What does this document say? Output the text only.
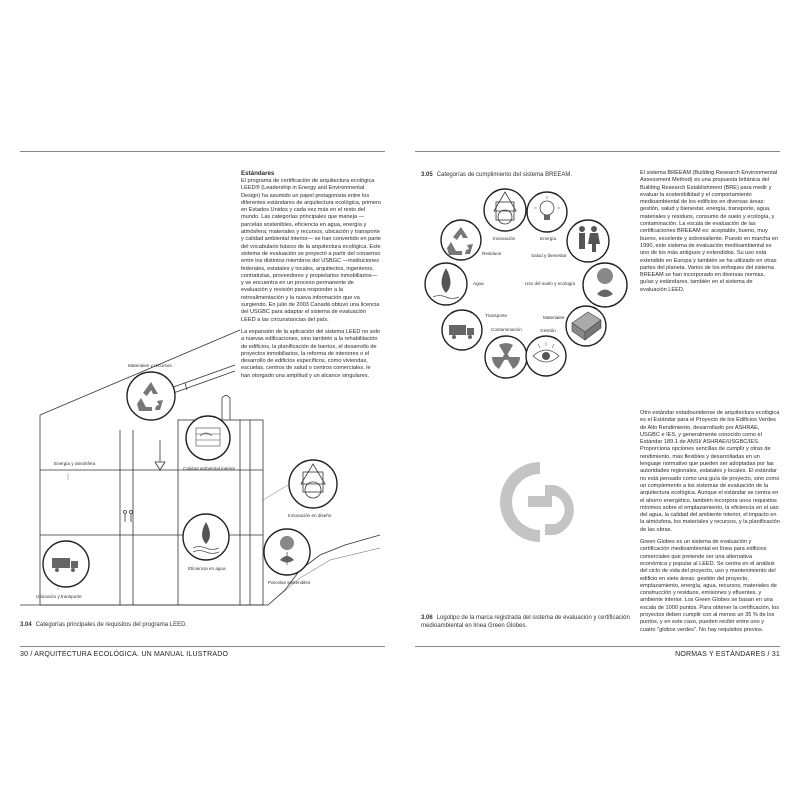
Estándares

El programa de certificación de arquitectura ecológica LEED® (Leadership in Energy and Environmental Design) ha asumido un papel protagonista entre los diferentes estándares de arquitectura ecológica, primero en Estados Unidos y cada vez más en el resto del mundo. Las categorías principales que maneja —parcelas sostenibles, eficiencia en agua, energía y atmósfera; materiales y recursos, ubicación y transporte y calidad ambiental interior— se han convertido en parte del vocabulario básico de la arquitectura ecológica. Este sistema de evaluación se proyectó a partir del consenso entre los distintos miembros del USBGC —instituciones federales, estatales y locales, arquitectos, ingenieros, contratistas, proveedores y propietarios inmobiliarios— y se encuentra en un proceso permanente de evaluación y revisión para responder a la retroalimentación y la nueva información que va surgiendo. En julio de 2003 Canadá obtuvo una licencia del USGBC para adaptar el sistema de evaluación LEED a las circunstancias del país.

La expansión de la aplicación del sistema LEED no solo a nuevas edificaciones, sino también a la rehabilitación de edificios, la planificación de barrios, el desarrollo de proyectos inmobiliarios, la reforma de interiores o el desarrollo de edificios específicos, como viviendas, escuelas, centros de salud o centros comerciales, le han otorgado una amplitud y un alcance singulares.

Materiales y recursos
Energía y atmósfera
Calidad ambiental interior
Innovación en diseño
Eficiencia en agua
Parcelas sostenibles
Ubicación y transporte
3.04 Categorías principales de requisitos del programa LEED.
3.05 Categorías de cumplimiento del sistema BREEAM.
Innovación	Energía
Residuos	Salud y bienestar
Agua	Uso del suelo y ecología
Transporte	Materiales
Contaminación	Gestión

El sistema BREEAM (Building Research Environmental Assessment Method) es una propuesta británica del Building Research Establishment (BRE) para medir y evaluar la sostenibilidad y el comportamiento medioambiental de los edificios en diversas áreas: gestión, salud y bienestar, energía, transporte, agua, materiales y residuos, consumo de suelo y ecología, y contaminación. La escala de evaluación de las certificaciones BREEAM es: aceptable, bueno, muy bueno, excelente y sobresaliente. Puesto en marcha en 1990, este sistema de evaluación medioambiental es uno de los más antiguos y extendidos. Su uso está extendido en Europa y también se ha utilizado en otras partes del planeta. Varios de los enfoques del sistema BREEAM se han incorporado en diversas normas, guías y estándares, también en el sistema de evaluación LEED.

Otro estándar estadounidense de arquitectura ecológica es el Estándar para el Proyecto de los Edificios Verdes de Alto Rendimiento, desarrollado por ASHRAE, USGBC e IES, y generalmente conocido como el Estándar 189.1 de ANSI/ ASHRAE/USGBC/IES. Proporciona opciones sencillas de cumplir y otras de rendimiento, más flexibles y desarrolladas en un lenguaje normativo que pueden ser adoptadas por las autoridades regionales, estatales y locales. El estándar no está pensado como una guía de proyecto, sino como un complemento a los sistemas de evaluación de la arquitectura ecológica. Aunque el estándar se centra en el ahorro energético, también incorpora unos requisitos mínimos sobre el emplazamiento, la eficiencia en el uso del agua, la calidad del ambiente interior, el impacto en la atmósfera, los materiales y recursos, y la planificación de las obras.

Green Globes es un sistema de evaluación y certificación medioambiental en línea para edificios comerciales que pretende ser una alternativa económica y popular al LEED. Se centra en el análisis del ciclo de vida del proyecto, uso y mantenimiento del edificio en siete áreas: gestión del proyecto, emplazamiento, energía, agua, recursos, materiales de construcción y residuos, emisiones y efluentes, y ambiente interior. Los Green Globes se basan en una escala de 1000 puntos. Para obtener la certificación, los proyectos deben cumplir con al menos un 35 % de los puntos, y en este caso, pueden recibir entre uno y cuatro "globos verdes". No hay requisitos previos.

3.06 Logotipo de la marca registrada del sistema de evaluación y certificación medioambiental en línea Green Globes.
30 / ARQUITECTURA ECOLÓGICA. UN MANUAL ILUSTRADO	NORMAS Y ESTÁNDARES / 31
